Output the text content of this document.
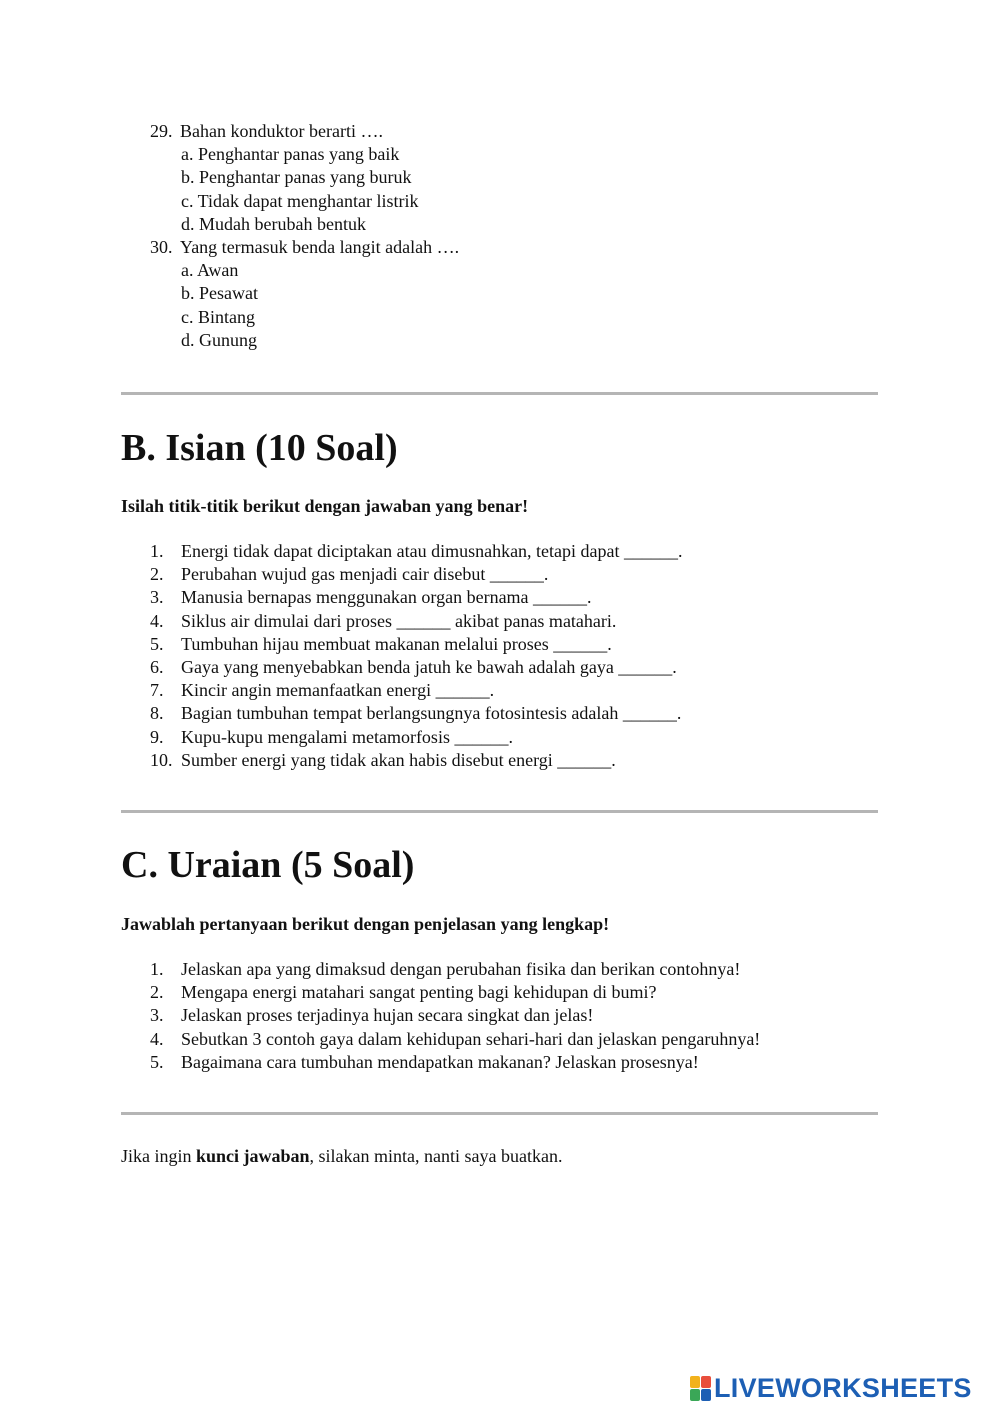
29. Bahan konduktor berarti ….
a. Penghantar panas yang baik
b. Penghantar panas yang buruk
c. Tidak dapat menghantar listrik
d. Mudah berubah bentuk
30. Yang termasuk benda langit adalah ….
a. Awan
b. Pesawat
c. Bintang
d. Gunung
B. Isian (10 Soal)
Isilah titik-titik berikut dengan jawaban yang benar!
1. Energi tidak dapat diciptakan atau dimusnahkan, tetapi dapat ______.
2. Perubahan wujud gas menjadi cair disebut ______.
3. Manusia bernapas menggunakan organ bernama ______.
4. Siklus air dimulai dari proses ______ akibat panas matahari.
5. Tumbuhan hijau membuat makanan melalui proses ______.
6. Gaya yang menyebabkan benda jatuh ke bawah adalah gaya ______.
7. Kincir angin memanfaatkan energi ______.
8. Bagian tumbuhan tempat berlangsungnya fotosintesis adalah ______.
9. Kupu-kupu mengalami metamorfosis ______.
10. Sumber energi yang tidak akan habis disebut energi ______.
C. Uraian (5 Soal)
Jawablah pertanyaan berikut dengan penjelasan yang lengkap!
1. Jelaskan apa yang dimaksud dengan perubahan fisika dan berikan contohnya!
2. Mengapa energi matahari sangat penting bagi kehidupan di bumi?
3. Jelaskan proses terjadinya hujan secara singkat dan jelas!
4. Sebutkan 3 contoh gaya dalam kehidupan sehari-hari dan jelaskan pengaruhnya!
5. Bagaimana cara tumbuhan mendapatkan makanan? Jelaskan prosesnya!
Jika ingin kunci jawaban, silakan minta, nanti saya buatkan.
LIVEWORKSHEETS
